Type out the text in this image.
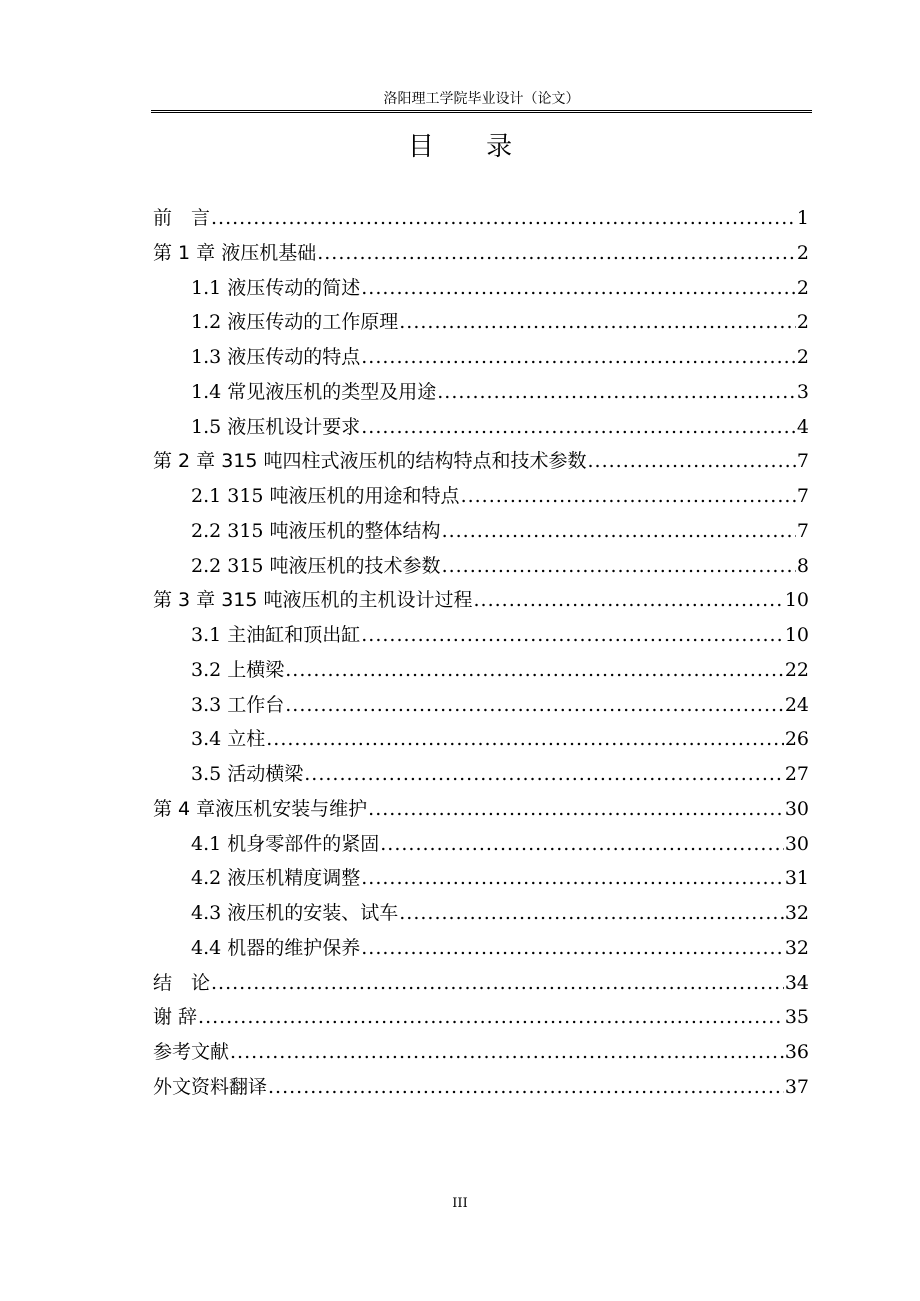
洛阳理工学院毕业设计（论文）
目 录
前　言 .....	1
第 1 章 液压机基础 .....	2
1.1 液压传动的简述 .....	2
1.2 液压传动的工作原理 .....	2
1.3 液压传动的特点 .....	2
1.4 常见液压机的类型及用途 .....	3
1.5 液压机设计要求 .....	4
第 2 章 315 吨四柱式液压机的结构特点和技术参数 .....	7
2.1 315 吨液压机的用途和特点 .....	7
2.2 315 吨液压机的整体结构 .....	7
2.2 315 吨液压机的技术参数 .....	8
第 3 章 315 吨液压机的主机设计过程 .....	10
3.1 主油缸和顶出缸 .....	10
3.2 上横梁 .....	22
3.3 工作台 .....	24
3.4 立柱 .....	26
3.5 活动横梁 .....	27
第 4 章液压机安装与维护 .....	30
4.1 机身零部件的紧固 .....	30
4.2 液压机精度调整 .....	31
4.3 液压机的安装、试车 .....	32
4.4 机器的维护保养 .....	32
结　论 .....	34
谢 辞 .....	35
参考文献 .....	36
外文资料翻译 .....	37
III
